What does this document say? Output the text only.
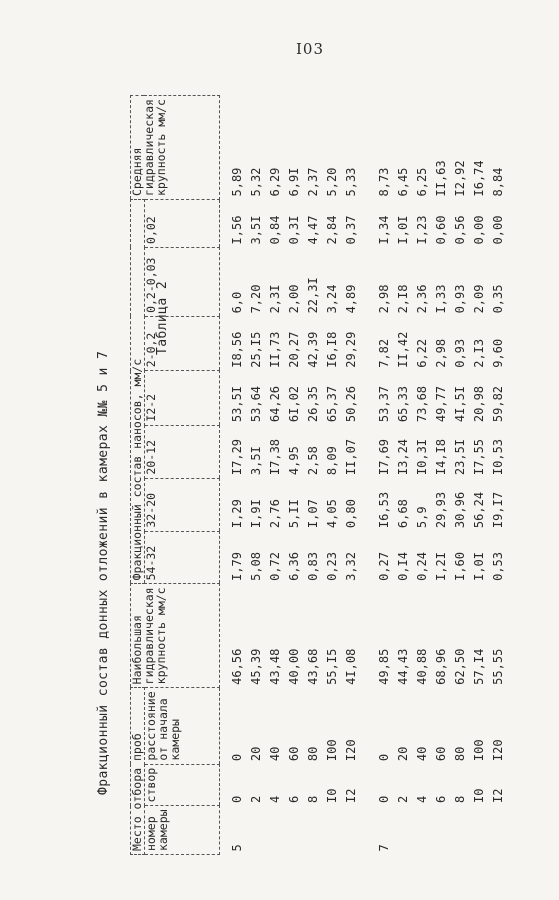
I03
Фракционный состав донных отложений в камерах №№ 5 и 7
Таблица 2
Место отбора проб			Наибольшая гидравлическая крупность мм/с	Фракционный состав наносов, мм/с							Средняя гидравлическая крупность мм/с

номер камеры	створ	расстояние от начала камеры		54-32	32-20	20-12	I2-2	2-0,2	0,2-0,03	0,02	
5	0	0	46,56	I,79	I,29	I7,29	53,5I	I8,56	6,0	I,56	5,89
	2	20	45,39	5,08	I,9I	3,5I	53,64	25,I5	7,20	3,5I	5,32
	4	40	43,48	0,72	2,76	I7,38	64,26	II,73	2,3I	0,84	6,29
	6	60	40,00	6,36	5,II	4,95	6I,02	20,27	2,00	0,3I	6,9I
	8	80	43,68	0,83	I,07	2,58	26,35	42,39	22,3I	4,47	2,37
	I0	I00	55,I5	0,23	4,05	8,09	65,37	I6,I8	3,24	2,84	5,20
	I2	I20	4I,08	3,32	0,80	II,07	50,26	29,29	4,89	0,37	5,33

7	0	0	49,85	0,27	I6,53	I7,69	53,37	7,82	2,98	I,34	8,73
	2	20	44,43	0,I4	6,68	I3,24	65,33	II,42	2,I8	I,0I	6,45
	4	40	40,88	0,24	5,9	I0,3I	73,68	6,22	2,36	I,23	6,25
	6	60	68,96	I,2I	29,93	I4,I8	49,77	2,98	I,33	0,60	II,63
	8	80	62,50	I,60	30,96	23,5I	4I,5I	0,93	0,93	0,56	I2,92
	I0	I00	57,I4	I,0I	56,24	I7,55	20,98	2,I3	2,09	0,00	I6,74
	I2	I20	55,55	0,53	I9,I7	I0,53	59,82	9,60	0,35	0,00	8,84
